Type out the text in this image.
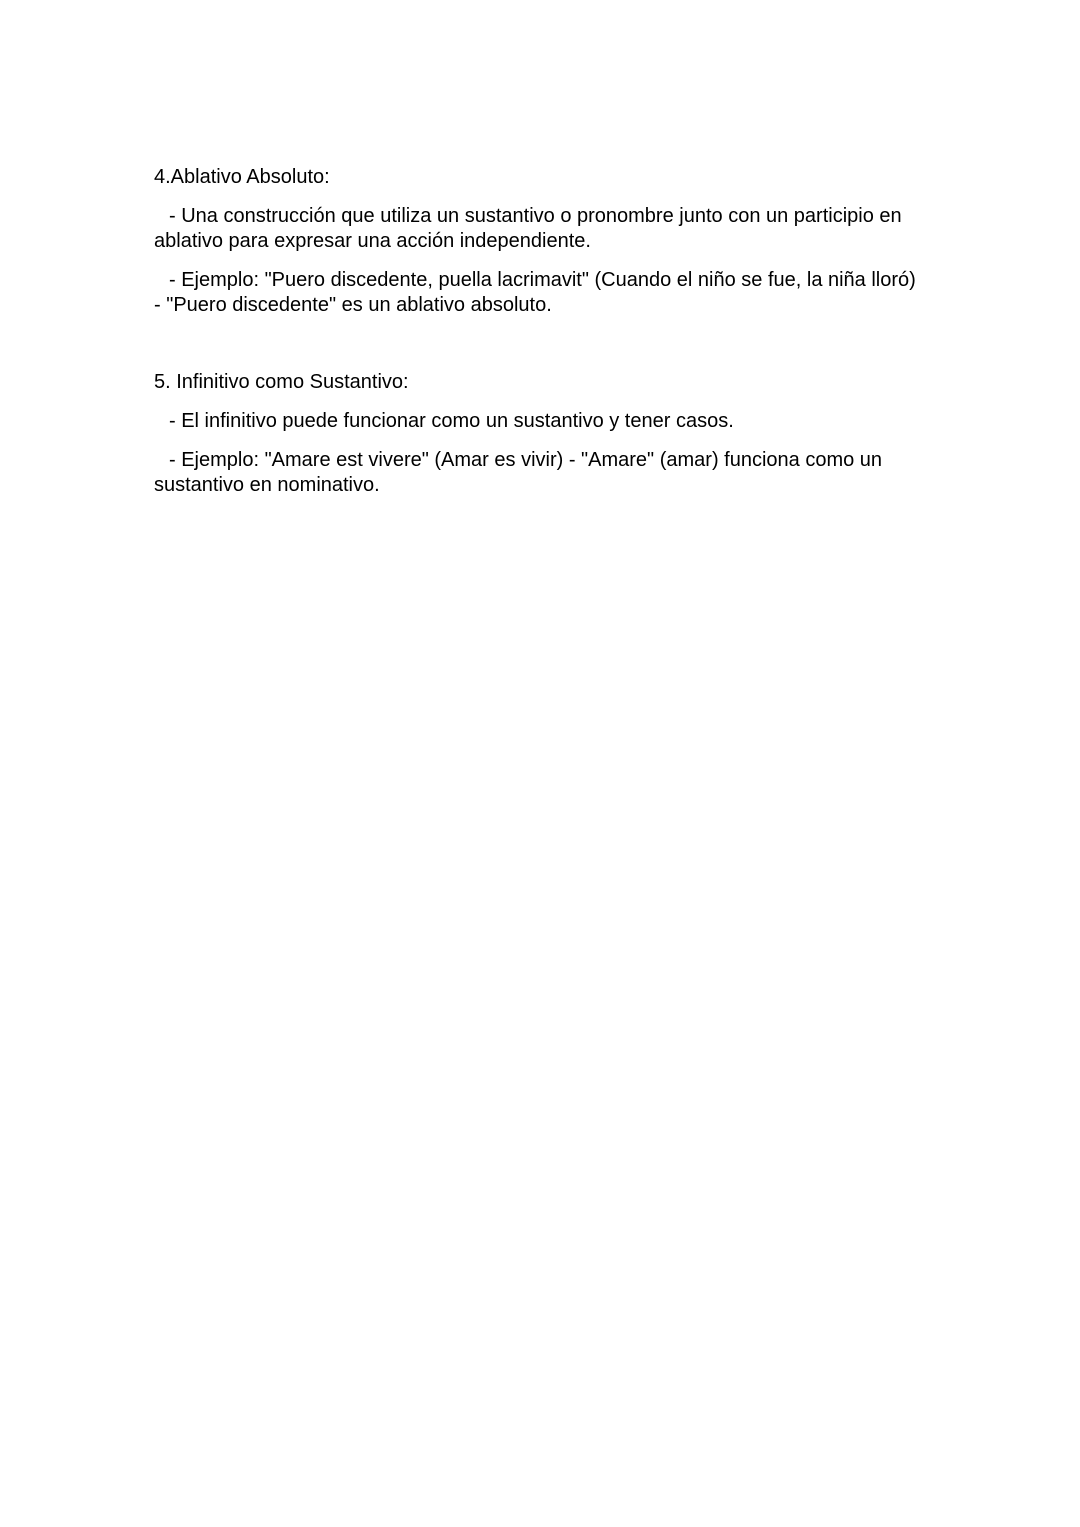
4.Ablativo Absoluto:

- Una construcción que utiliza un sustantivo o pronombre junto con un participio en ablativo para expresar una acción independiente.

- Ejemplo: "Puero discedente, puella lacrimavit" (Cuando el niño se fue, la niña lloró) - "Puero discedente" es un ablativo absoluto.

5. Infinitivo como Sustantivo:

- El infinitivo puede funcionar como un sustantivo y tener casos.

- Ejemplo: "Amare est vivere" (Amar es vivir) - "Amare" (amar) funciona como un sustantivo en nominativo.
